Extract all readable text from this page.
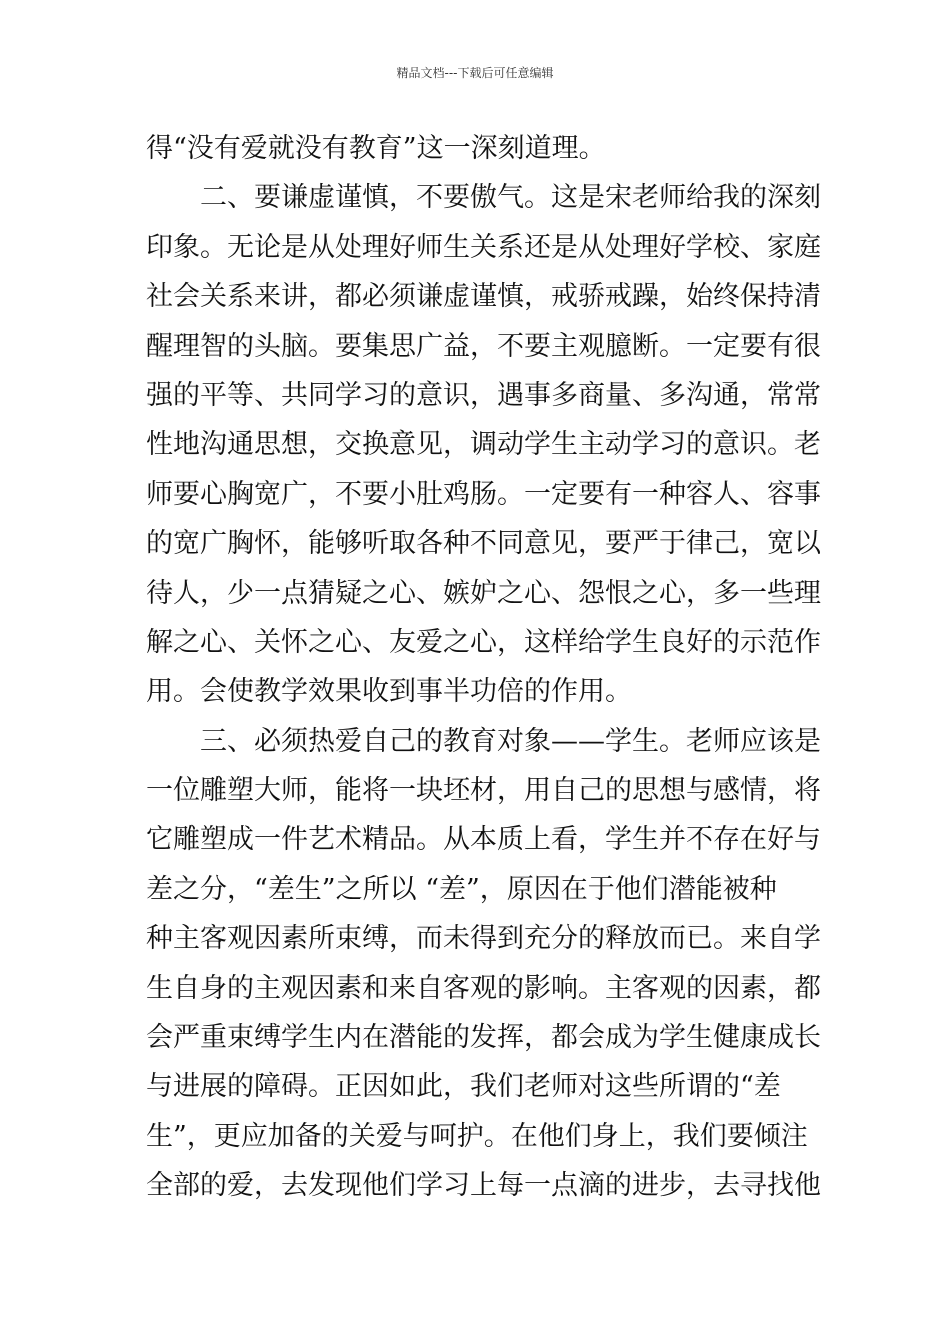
精品文档---下载后可任意编辑
得“没有爱就没有教育”这一深刻道理。
二、要谦虚谨慎，不要傲气。这是宋老师给我的深刻
印象。无论是从处理好师生关系还是从处理好学校、家庭
社会关系来讲，都必须谦虚谨慎，戒骄戒躁，始终保持清
醒理智的头脑。要集思广益，不要主观臆断。一定要有很
强的平等、共同学习的意识，遇事多商量、多沟通，常常
性地沟通思想，交换意见，调动学生主动学习的意识。老
师要心胸宽广，不要小肚鸡肠。一定要有一种容人、容事
的宽广胸怀，能够听取各种不同意见，要严于律己，宽以
待人，少一点猜疑之心、嫉妒之心、怨恨之心，多一些理
解之心、关怀之心、友爱之心，这样给学生良好的示范作
用。会使教学效果收到事半功倍的作用。
三、必须热爱自己的教育对象——学生。老师应该是
一位雕塑大师，能将一块坯材，用自己的思想与感情，将
它雕塑成一件艺术精品。从本质上看，学生并不存在好与
差之分，“差生”之所以 “差”，原因在于他们潜能被种
种主客观因素所束缚，而未得到充分的释放而已。来自学
生自身的主观因素和来自客观的影响。主客观的因素，都
会严重束缚学生内在潜能的发挥，都会成为学生健康成长
与进展的障碍。正因如此，我们老师对这些所谓的“差
生”，更应加备的关爱与呵护。在他们身上，我们要倾注
全部的爱，去发现他们学习上每一点滴的进步，去寻找他
